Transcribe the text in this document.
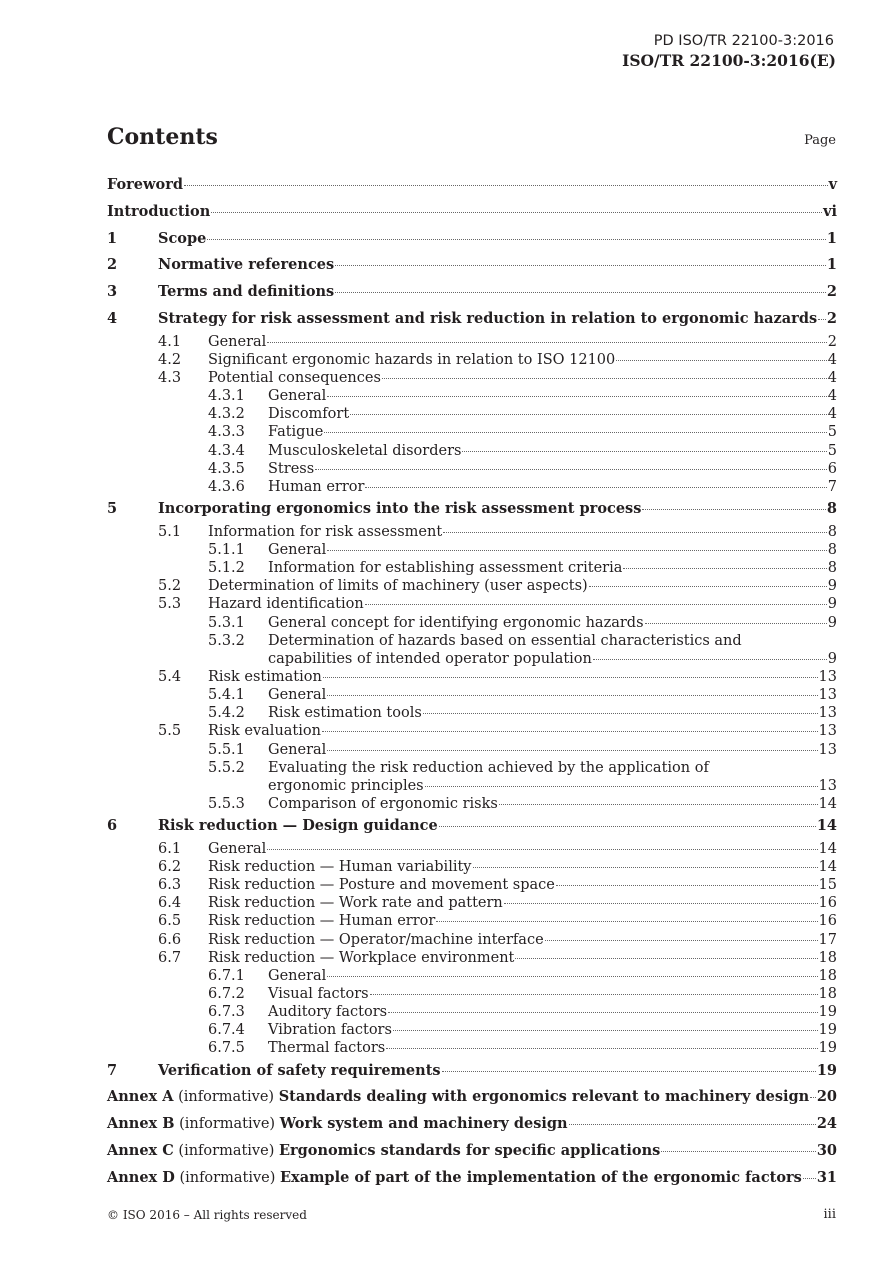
PD ISO/TR 22100-3:2016
ISO/TR 22100-3:2016(E)
Contents	Page
Foreword	v
Introduction	vi
1	Scope	1
2	Normative references	1
3	Terms and definitions	2
4	Strategy for risk assessment and risk reduction in relation to ergonomic hazards 2
4.1	General	2
4.2	Significant ergonomic hazards in relation to ISO 12100	4
4.3	Potential consequences	4
4.3.1	General	4
4.3.2	Discomfort	4
4.3.3	Fatigue	5
4.3.4	Musculoskeletal disorders	5
4.3.5	Stress	6
4.3.6	Human error	7
5	Incorporating ergonomics into the risk assessment process	8
5.1	Information for risk assessment	8
5.1.1	General	8
5.1.2	Information for establishing assessment criteria	8
5.2	Determination of limits of machinery (user aspects)	9
5.3	Hazard identification	9
5.3.1	General concept for identifying ergonomic hazards	9
5.3.2	Determination of hazards based on essential characteristics and
capabilities of intended operator population	9
5.4	Risk estimation	13
5.4.1	General	13
5.4.2	Risk estimation tools	13
5.5	Risk evaluation	13
5.5.1	General	13
5.5.2	Evaluating the risk reduction achieved by the application of
ergonomic principles	13
5.5.3	Comparison of ergonomic risks	14
6	Risk reduction — Design guidance	14
6.1	General	14
6.2	Risk reduction — Human variability	14
6.3	Risk reduction — Posture and movement space	15
6.4	Risk reduction — Work rate and pattern	16
6.5	Risk reduction — Human error	16
6.6	Risk reduction — Operator/machine interface	17
6.7	Risk reduction — Workplace environment	18
6.7.1	General	18
6.7.2	Visual factors	18
6.7.3	Auditory factors	19
6.7.4	Vibration factors	19
6.7.5	Thermal factors	19
7	Verification of safety requirements	19
Annex A (informative) Standards dealing with ergonomics relevant to machinery design 20
Annex B (informative) Work system and machinery design	24
Annex C (informative) Ergonomics standards for specific applications	30
Annex D (informative) Example of part of the implementation of the ergonomic factors 31
© ISO 2016 – All rights reserved	iii
